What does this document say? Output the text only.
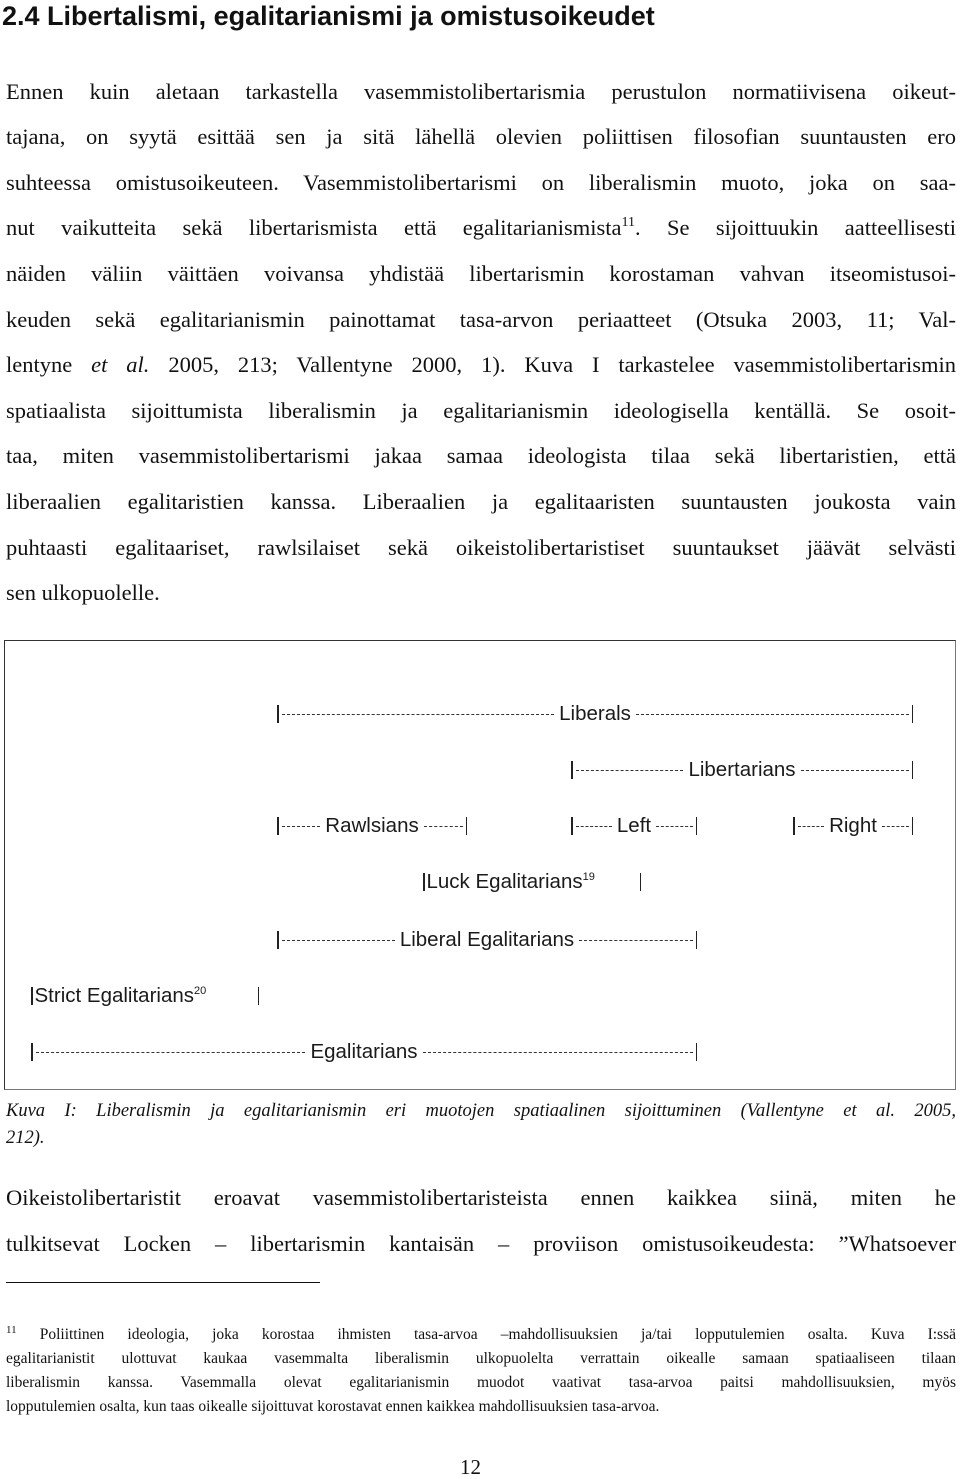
2.4 Libertalismi, egalitarianismi ja omistusoikeudet
Ennen kuin aletaan tarkastella vasemmistolibertarismia perustulon normatiivisena oikeut-
tajana, on syytä esittää sen ja sitä lähellä olevien poliittisen filosofian suuntausten ero
suhteessa omistusoikeuteen. Vasemmistolibertarismi on liberalismin muoto, joka on saa-
nut vaikutteita sekä libertarismista että egalitarianismista$^{11}$. Se sijoittuukin aatteellisesti
näiden väliin väittäen voivansa yhdistää libertarismin korostaman vahvan itseomistusoi-
keuden sekä egalitarianismin painottamat tasa-arvon periaatteet (Otsuka 2003, 11; Val-
lentyne et al. 2005, 213; Vallentyne 2000, 1). Kuva I tarkastelee vasemmistolibertarismin
spatiaalista sijoittumista liberalismin ja egalitarianismin ideologisella kentällä. Se osoit-
taa, miten vasemmistolibertarismi jakaa samaa ideologista tilaa sekä libertaristien, että
liberaalien egalitaristien kanssa. Liberaalien ja egalitaaristen suuntausten joukosta vain
puhtaasti egalitaariset, rawlsilaiset sekä oikeistolibertaristiset suuntaukset jäävät selvästi
sen ulkopuolelle.
Liberals
Libertarians
Rawlsians	Left	Right
Luck Egalitarians$^{19}$
Liberal Egalitarians
Strict Egalitarians$^{20}$
Egalitarians
Kuva I: Liberalismin ja egalitarianismin eri muotojen spatiaalinen sijoittuminen (Vallentyne et al. 2005,
212).
Oikeistolibertaristit eroavat vasemmistolibertaristeista ennen kaikkea siinä, miten he
tulkitsevat Locken – libertarismin kantaisän – proviison omistusoikeudesta: ”Whatsoever
$^{11}$ Poliittinen ideologia, joka korostaa ihmisten tasa-arvoa –mahdollisuuksien ja/tai lopputulemien osalta. Kuva I:ssä
egalitarianistit ulottuvat kaukaa vasemmalta liberalismin ulkopuolelta verrattain oikealle samaan spatiaaliseen tilaan
liberalismin kanssa. Vasemmalla olevat egalitarianismin muodot vaativat tasa-arvoa paitsi mahdollisuuksien, myös
lopputulemien osalta, kun taas oikealle sijoittuvat korostavat ennen kaikkea mahdollisuuksien tasa-arvoa.
12
